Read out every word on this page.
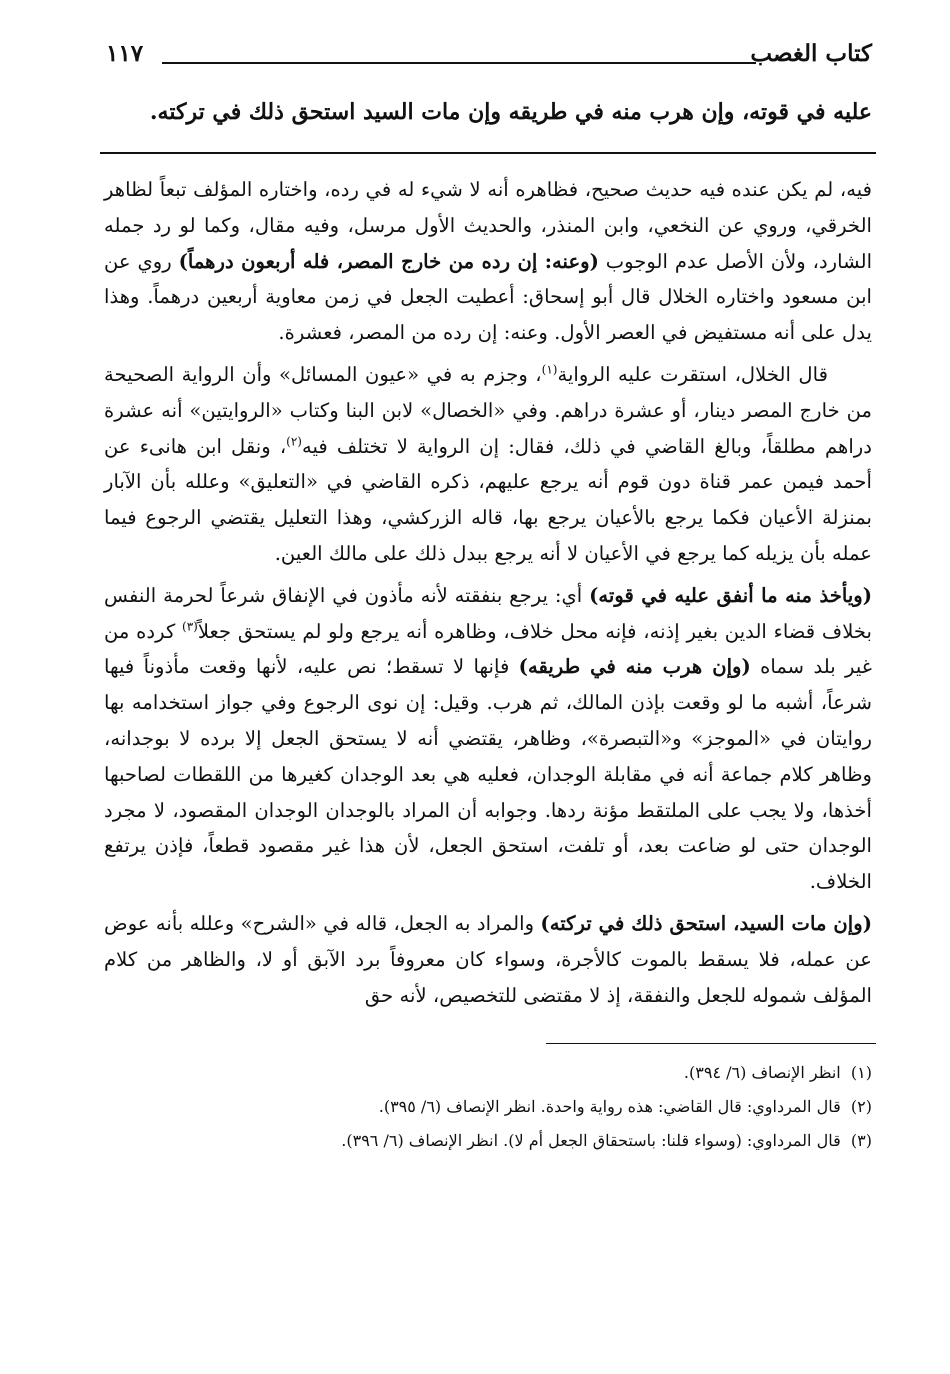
كتاب الغصب
١١٧
عليه في قوته، وإن هرب منه في طريقه وإن مات السيد استحق ذلك في تركته.

فيه، لم يكن عنده فيه حديث صحيح، فظاهره أنه لا شيء له في رده، واختاره المؤلف تبعاً لظاهر الخرقي، وروي عن النخعي، وابن المنذر، والحديث الأول مرسل، وفيه مقال، وكما لو رد جمله الشارد، ولأن الأصل عدم الوجوب (وعنه: إن رده من خارج المصر، فله أربعون درهماً) روي عن ابن مسعود واختاره الخلال قال أبو إسحاق: أعطيت الجعل في زمن معاوية أربعين درهماً. وهذا يدل على أنه مستفيض في العصر الأول. وعنه: إن رده من المصر، فعشرة.

قال الخلال، استقرت عليه الرواية$^{(١)}$، وجزم به في «عيون المسائل» وأن الرواية الصحيحة من خارج المصر دينار، أو عشرة دراهم. وفي «الخصال» لابن البنا وكتاب «الروايتين» أنه عشرة دراهم مطلقاً، وبالغ القاضي في ذلك، فقال: إن الرواية لا تختلف فيه$^{(٢)}$، ونقل ابن هانىء عن أحمد فيمن عمر قناة دون قوم أنه يرجع عليهم، ذكره القاضي في «التعليق» وعلله بأن الآبار بمنزلة الأعيان فكما يرجع بالأعيان يرجع بها، قاله الزركشي، وهذا التعليل يقتضي الرجوع فيما عمله بأن يزيله كما يرجع في الأعيان لا أنه يرجع ببدل ذلك على مالك العين.

(ويأخذ منه ما أنفق عليه في قوته) أي: يرجع بنفقته لأنه مأذون في الإنفاق شرعاً لحرمة النفس بخلاف قضاء الدين بغير إذنه، فإنه محل خلاف، وظاهره أنه يرجع ولو لم يستحق جعلاً$^{(٣)}$ كرده من غير بلد سماه (وإن هرب منه في طريقه) فإنها لا تسقط؛ نص عليه، لأنها وقعت مأذوناً فيها شرعاً، أشبه ما لو وقعت بإذن المالك، ثم هرب. وقيل: إن نوى الرجوع وفي جواز استخدامه بها روايتان في «الموجز» و«التبصرة»، وظاهر، يقتضي أنه لا يستحق الجعل إلا برده لا بوجدانه، وظاهر كلام جماعة أنه في مقابلة الوجدان، فعليه هي بعد الوجدان كغيرها من اللقطات لصاحبها أخذها، ولا يجب على الملتقط مؤنة ردها. وجوابه أن المراد بالوجدان الوجدان المقصود، لا مجرد الوجدان حتى لو ضاعت بعد، أو تلفت، استحق الجعل، لأن هذا غير مقصود قطعاً، فإذن يرتفع الخلاف.

(وإن مات السيد، استحق ذلك في تركته) والمراد به الجعل، قاله في «الشرح» وعلله بأنه عوض عن عمله، فلا يسقط بالموت كالأجرة، وسواء كان معروفاً برد الآبق أو لا، والظاهر من كلام المؤلف شموله للجعل والنفقة، إذ لا مقتضى للتخصيص، لأنه حق

(١)  انظر الإنصاف (٦/ ٣٩٤).
(٢)  قال المرداوي: قال القاضي: هذه رواية واحدة. انظر الإنصاف (٦/ ٣٩٥).
(٣)  قال المرداوي: (وسواء قلنا: باستحقاق الجعل أم لا). انظر الإنصاف (٦/ ٣٩٦).
